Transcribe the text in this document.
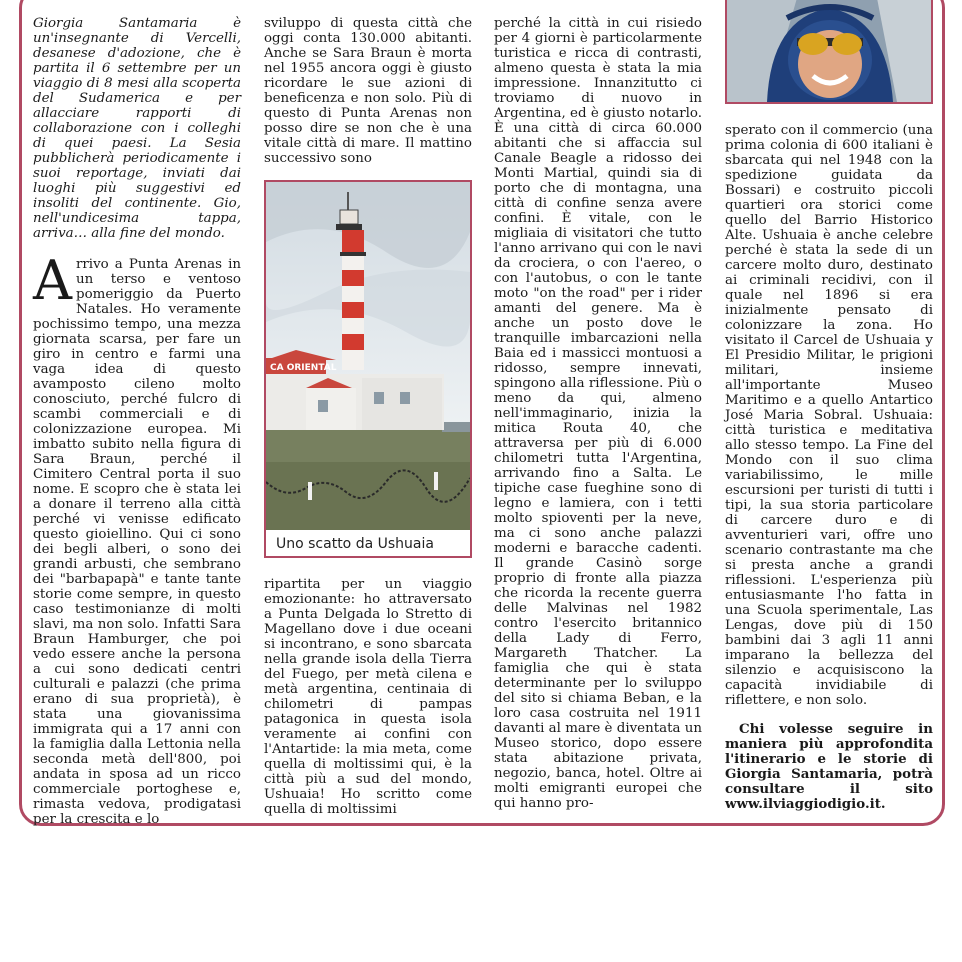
Giorgia Santamaria è un'insegnante di Vercelli, desanese d'adozione, che è partita il 6 settembre per un viaggio di 8 mesi alla scoperta del Sudamerica e per allacciare rapporti di collaborazione con i colleghi di quei paesi. La Sesia pubblicherà periodicamente i suoi reportage, inviati dai luoghi più suggestivi ed insoliti del continente. Gio, nell'undicesima tappa, arriva… alla fine del mondo.

Arrivo a Punta Arenas in un terso e ventoso pomeriggio da Puerto Natales. Ho veramente pochissimo tempo, una mezza giornata scarsa, per fare un giro in centro e farmi una vaga idea di questo avamposto cileno molto conosciuto, perché fulcro di scambi commerciali e di colonizzazione europea. Mi imbatto subito nella figura di Sara Braun, perché il Cimitero Central porta il suo nome. E scopro che è stata lei a donare il terreno alla città perché vi venisse edificato questo gioiellino. Qui ci sono dei begli alberi, o sono dei grandi arbusti, che sembrano dei "barbapapà" e tante tante storie come sempre, in questo caso testimonianze di molti slavi, ma non solo. Infatti Sara Braun Hamburger, che poi vedo essere anche la persona a cui sono dedicati centri culturali e palazzi (che prima erano di sua proprietà), è stata una giovanissima immigrata qui a 17 anni con la famiglia dalla Lettonia nella seconda metà dell'800, poi andata in sposa ad un ricco commerciale portoghese e, rimasta vedova, prodigatasi per la crescita e lo

sviluppo di questa città che oggi conta 130.000 abitanti. Anche se Sara Braun è morta nel 1955 ancora oggi è giusto ricordare le sue azioni di beneficenza e non solo. Più di questo di Punta Arenas non posso dire se non che è una vitale città di mare. Il mattino successivo sono

CA ORIENTAL
Uno scatto da Ushuaia

ripartita per un viaggio emozionante: ho attraversato a Punta Delgada lo Stretto di Magellano dove i due oceani si incontrano, e sono sbarcata nella grande isola della Tierra del Fuego, per metà cilena e metà argentina, centinaia di chilometri di pampas patagonica in questa isola veramente ai confini con l'Antartide: la mia meta, come quella di moltissimi qui, è la città più a sud del mondo, Ushuaia! Ho scritto come quella di moltissimi

perché la città in cui risiedo per 4 giorni è particolarmente turistica e ricca di contrasti, almeno questa è stata la mia impressione. Innanzitutto ci troviamo di nuovo in Argentina, ed è giusto notarlo. È una città di circa 60.000 abitanti che si affaccia sul Canale Beagle a ridosso dei Monti Martial, quindi sia di porto che di montagna, una città di confine senza avere confini. È vitale, con le migliaia di visitatori che tutto l'anno arrivano qui con le navi da crociera, o con l'aereo, o con l'autobus, o con le tante moto "on the road" per i rider amanti del genere. Ma è anche un posto dove le tranquille imbarcazioni nella Baia ed i massicci montuosi a ridosso, sempre innevati, spingono alla riflessione. Più o meno da qui, almeno nell'immaginario, inizia la mitica Routa 40, che attraversa per più di 6.000 chilometri tutta l'Argentina, arrivando fino a Salta. Le tipiche case fueghine sono di legno e lamiera, con i tetti molto spioventi per la neve, ma ci sono anche palazzi moderni e baracche cadenti. Il grande Casinò sorge proprio di fronte alla piazza che ricorda la recente guerra delle Malvinas nel 1982 contro l'esercito britannico della Lady di Ferro, Margareth Thatcher. La famiglia che qui è stata determinante per lo sviluppo del sito si chiama Beban, e la loro casa costruita nel 1911 davanti al mare è diventata un Museo storico, dopo essere stata abitazione privata, negozio, banca, hotel. Oltre ai molti emigranti europei che qui hanno pro-

sperato con il commercio (una prima colonia di 600 italiani è sbarcata qui nel 1948 con la spedizione guidata da Bossari) e costruito piccoli quartieri ora storici come quello del Barrio Historico Alte. Ushuaia è anche celebre perché è stata la sede di un carcere molto duro, destinato ai criminali recidivi, con il quale nel 1896 si era inizialmente pensato di colonizzare la zona. Ho visitato il Carcel de Ushuaia y El Presidio Militar, le prigioni militari, insieme all'importante Museo Maritimo e a quello Antartico José Maria Sobral. Ushuaia: città turistica e meditativa allo stesso tempo. La Fine del Mondo con il suo clima variabilissimo, le mille escursioni per turisti di tutti i tipi, la sua storia particolare di carcere duro e di avventurieri vari, offre uno scenario contrastante ma che si presta anche a grandi riflessioni. L'esperienza più entusiasmante l'ho fatta in una Scuola sperimentale, Las Lengas, dove più di 150 bambini dai 3 agli 11 anni imparano la bellezza del silenzio e acquisiscono la capacità invidiabile di riflettere, e non solo.

Chi volesse seguire in maniera più approfondita l'itinerario e le storie di Giorgia Santamaria, potrà consultare il sito www.ilviaggiodigio.it.
